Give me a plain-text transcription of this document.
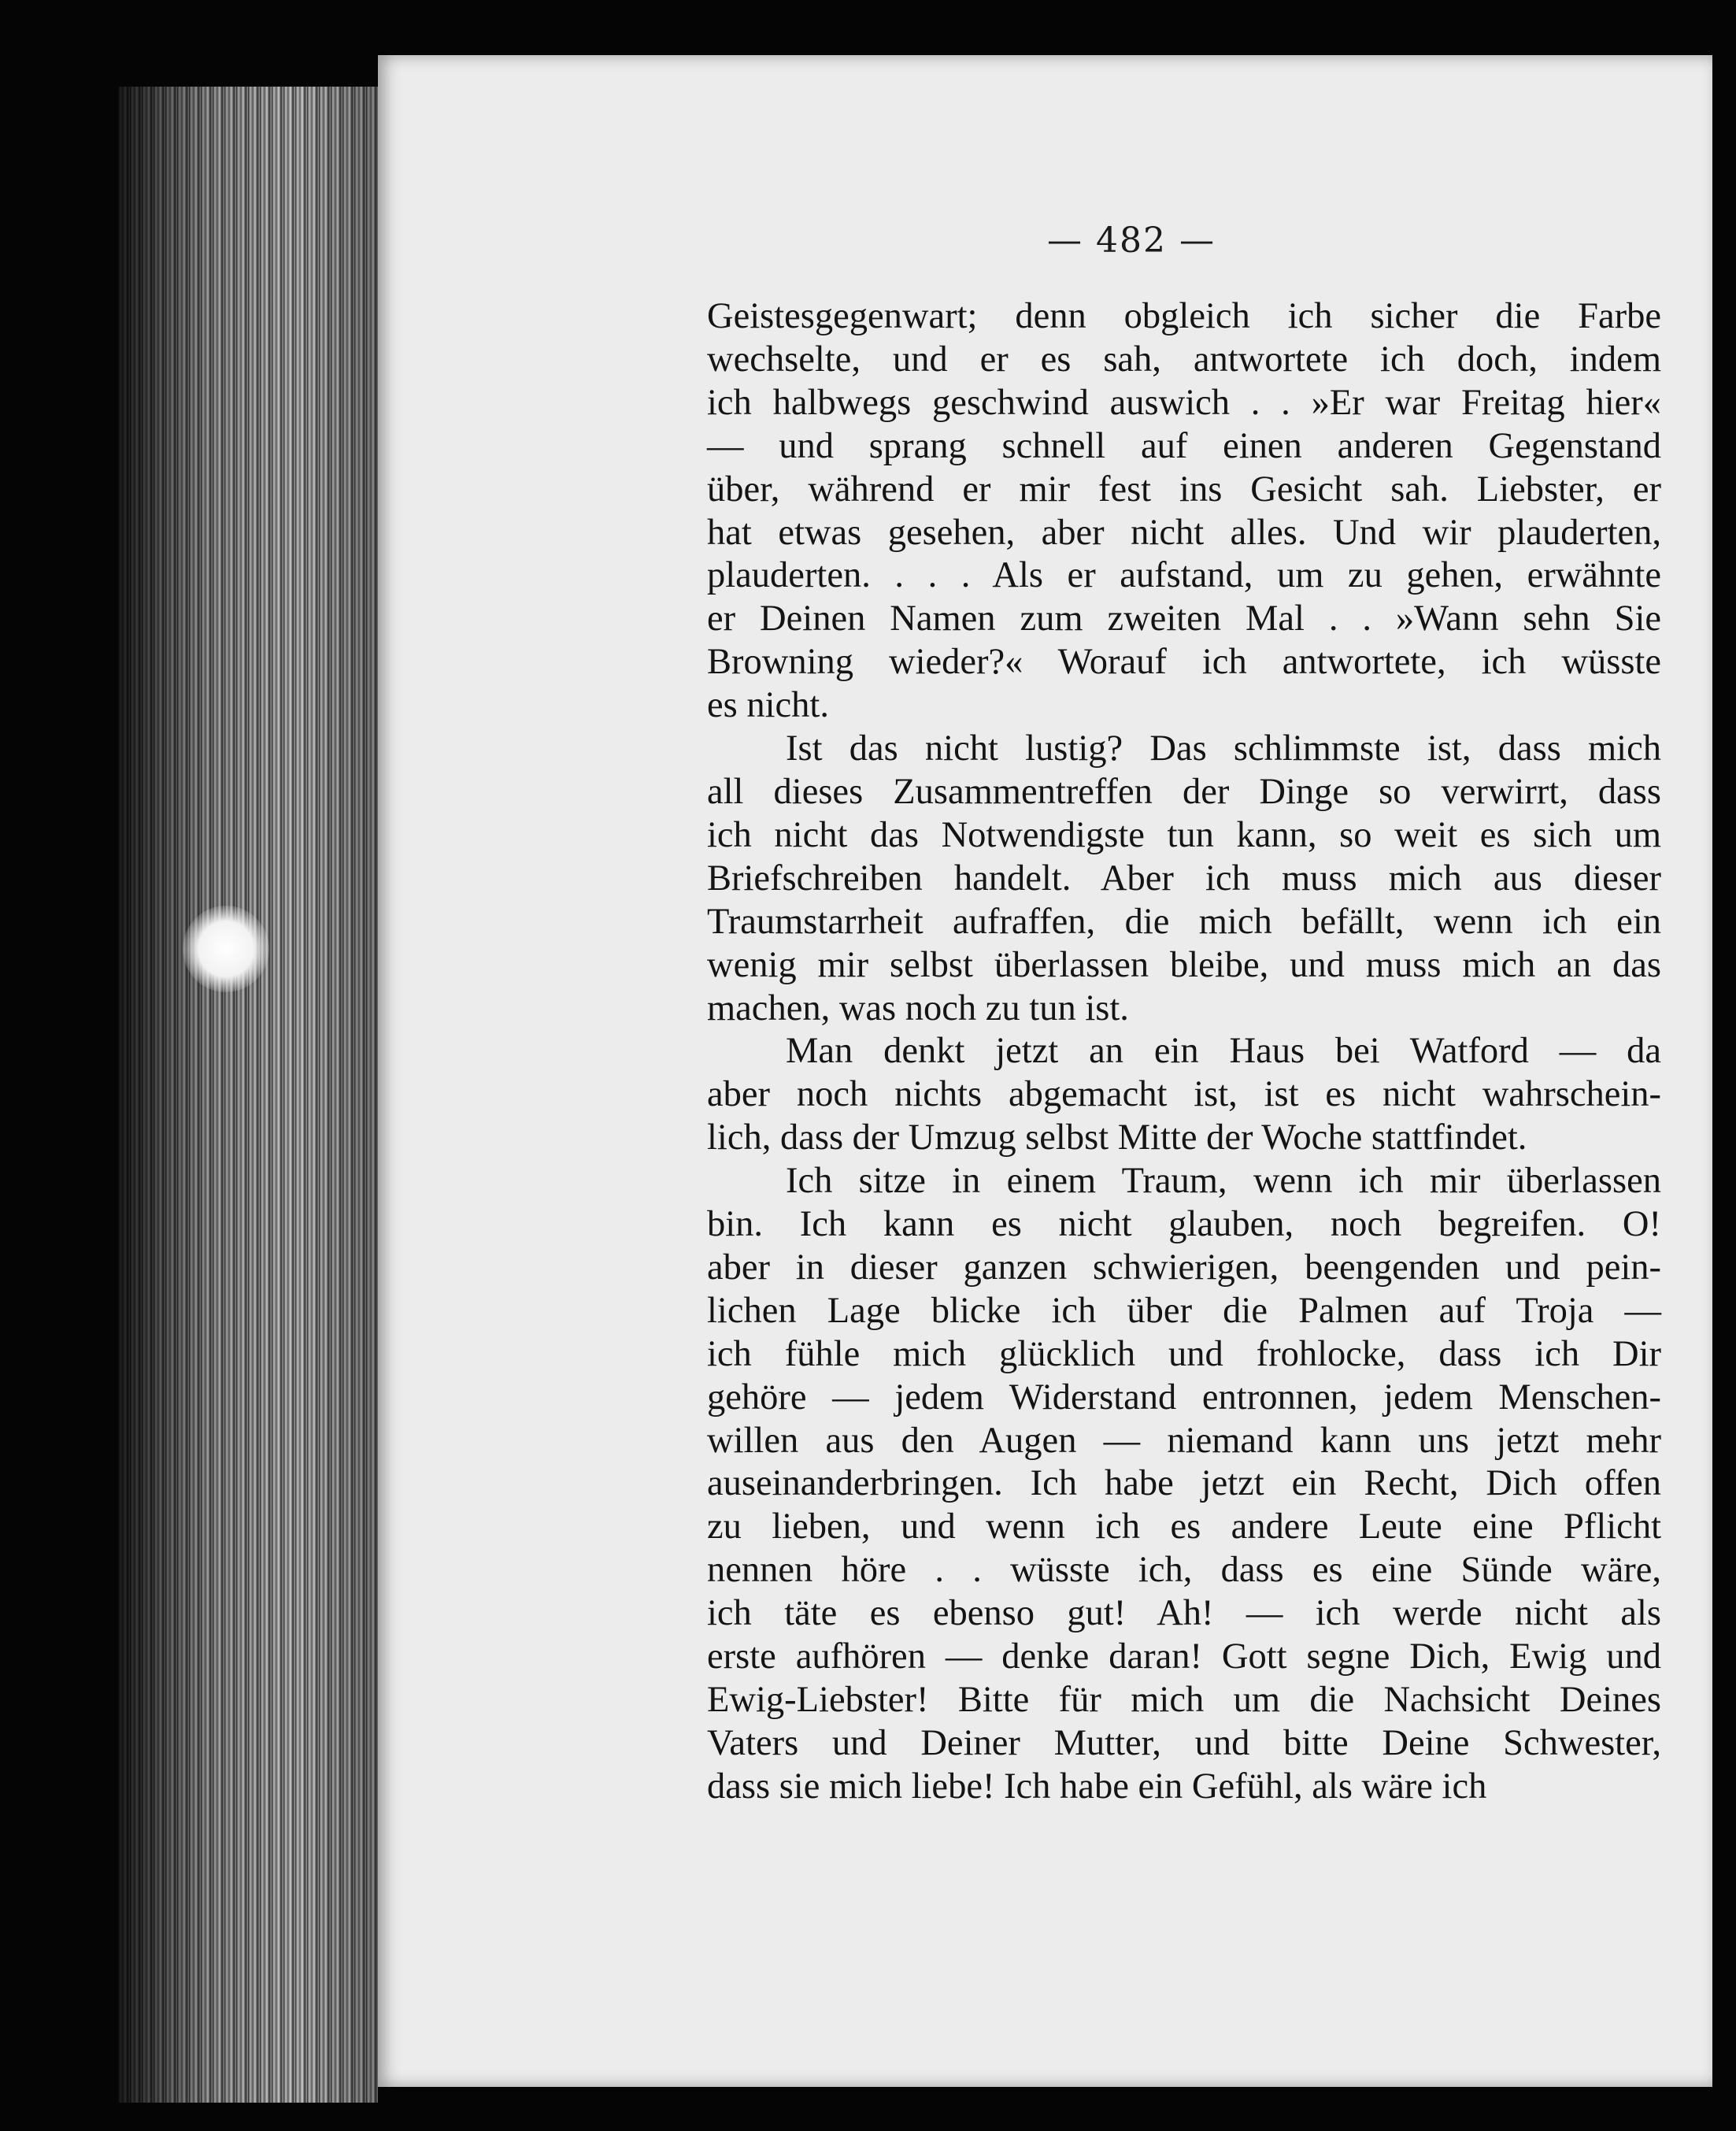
— 482 —
Geistesgegenwart; denn obgleich ich sicher die Farbe
wechselte, und er es sah, antwortete ich doch, indem
ich halbwegs geschwind auswich . . »Er war Freitag hier«
— und sprang schnell auf einen anderen Gegenstand
über, während er mir fest ins Gesicht sah. Liebster, er
hat etwas gesehen, aber nicht alles. Und wir plauderten,
plauderten. . . . Als er aufstand, um zu gehen, erwähnte
er Deinen Namen zum zweiten Mal . . »Wann sehn Sie
Browning wieder?« Worauf ich antwortete, ich wüsste
es nicht.
Ist das nicht lustig? Das schlimmste ist, dass mich
all dieses Zusammentreffen der Dinge so verwirrt, dass
ich nicht das Notwendigste tun kann, so weit es sich um
Briefschreiben handelt. Aber ich muss mich aus dieser
Traumstarrheit aufraffen, die mich befällt, wenn ich ein
wenig mir selbst überlassen bleibe, und muss mich an das
machen, was noch zu tun ist.
Man denkt jetzt an ein Haus bei Watford — da
aber noch nichts abgemacht ist, ist es nicht wahrschein-
lich, dass der Umzug selbst Mitte der Woche stattfindet.
Ich sitze in einem Traum, wenn ich mir überlassen
bin. Ich kann es nicht glauben, noch begreifen. O!
aber in dieser ganzen schwierigen, beengenden und pein-
lichen Lage blicke ich über die Palmen auf Troja —
ich fühle mich glücklich und frohlocke, dass ich Dir
gehöre — jedem Widerstand entronnen, jedem Menschen-
willen aus den Augen — niemand kann uns jetzt mehr
auseinanderbringen. Ich habe jetzt ein Recht, Dich offen
zu lieben, und wenn ich es andere Leute eine Pflicht
nennen höre . . wüsste ich, dass es eine Sünde wäre,
ich täte es ebenso gut! Ah! — ich werde nicht als
erste aufhören — denke daran! Gott segne Dich, Ewig und
Ewig-Liebster! Bitte für mich um die Nachsicht Deines
Vaters und Deiner Mutter, und bitte Deine Schwester,
dass sie mich liebe! Ich habe ein Gefühl, als wäre ich
